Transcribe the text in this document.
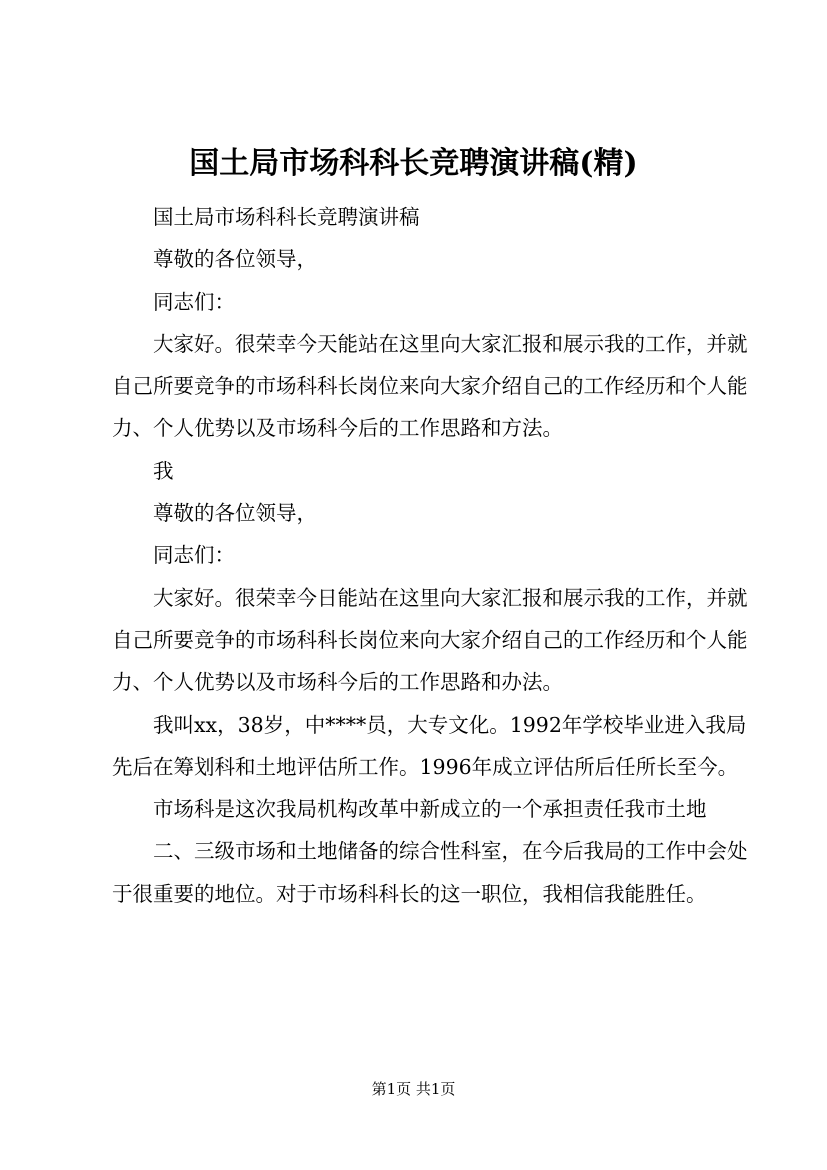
国土局市场科科长竞聘演讲稿(精)

国土局市场科科长竞聘演讲稿

尊敬的各位领导，

同志们：

大家好。很荣幸今天能站在这里向大家汇报和展示我的工作，并就自己所要竞争的市场科科长岗位来向大家介绍自己的工作经历和个人能力、个人优势以及市场科今后的工作思路和方法。

我

尊敬的各位领导，

同志们：

大家好。很荣幸今日能站在这里向大家汇报和展示我的工作，并就自己所要竞争的市场科科长岗位来向大家介绍自己的工作经历和个人能力、个人优势以及市场科今后的工作思路和办法。

我叫xx，38岁，中****员，大专文化。1992年学校毕业进入我局先后在筹划科和土地评估所工作。1996年成立评估所后任所长至今。

市场科是这次我局机构改革中新成立的一个承担责任我市土地

二、三级市场和土地储备的综合性科室，在今后我局的工作中会处于很重要的地位。对于市场科科长的这一职位，我相信我能胜任。

第1页 共1页
